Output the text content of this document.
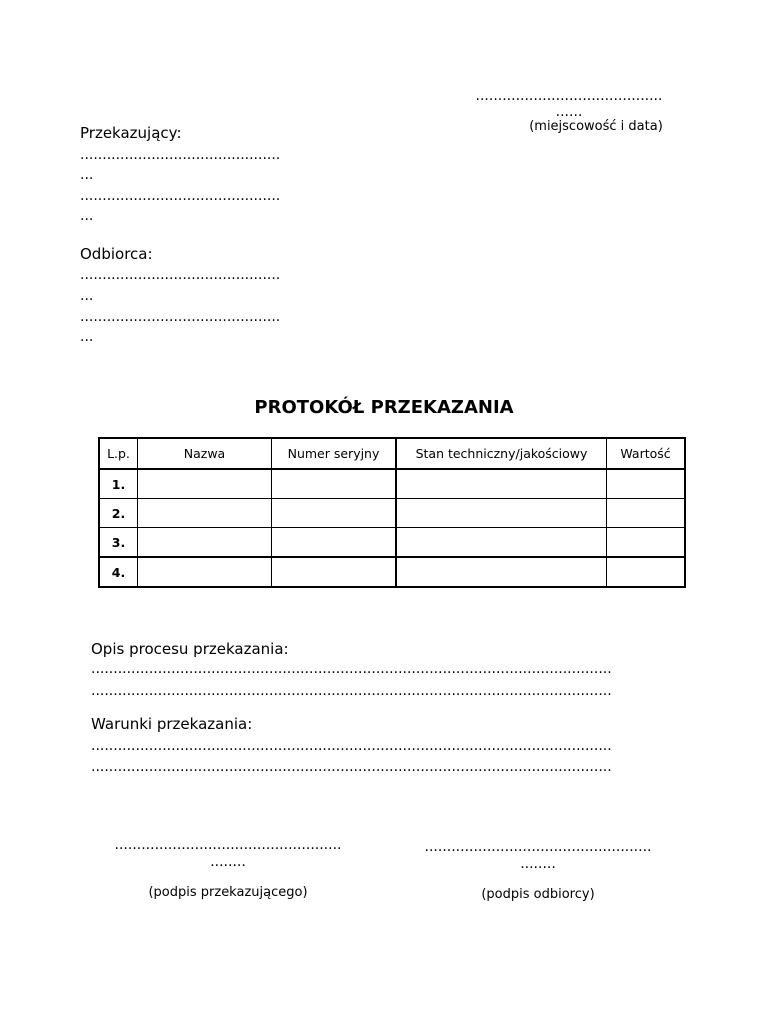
..........................................
......
(miejscowość i data)
Przekazujący:
.............................................
...
.............................................
...
Odbiorca:
.............................................
...
.............................................
...
PROTOKÓŁ PRZEKAZANIA
L.p.	Nazwa	Numer seryjny	Stan techniczny/jakościowy	Wartość
1.				
2.				
3.				
4.				
Opis procesu przekazania:
.....................................................................................................................
.....................................................................................................................
Warunki przekazania:
.....................................................................................................................
.....................................................................................................................
...................................................
........
(podpis przekazującego)
...................................................
........
(podpis odbiorcy)
